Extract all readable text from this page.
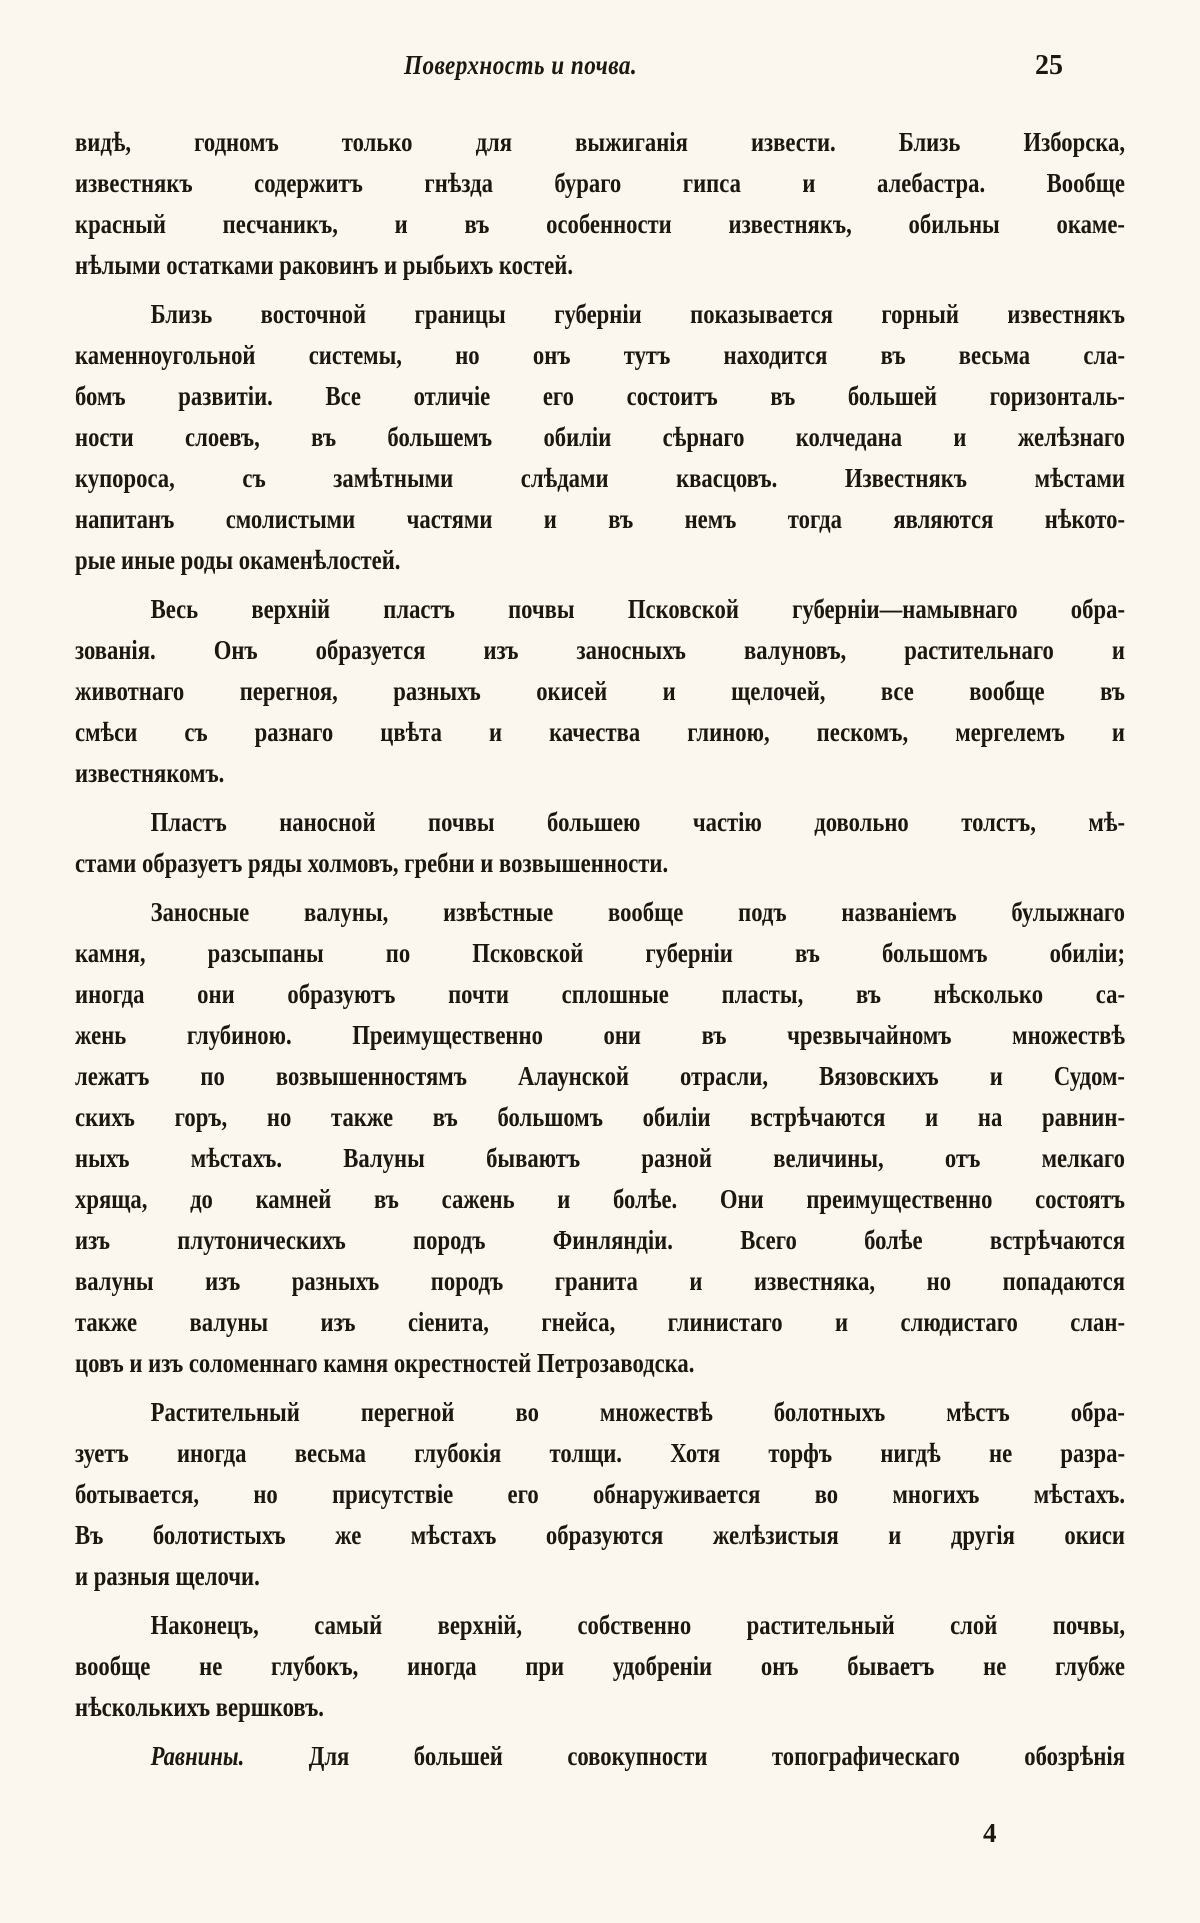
Поверхность и почва.	25
видѣ, годномъ только для выжиганія извести. Близь Изборска,
известнякъ содержитъ гнѣзда бураго гипса и алебастра. Вообще
красный песчаникъ, и въ особенности известнякъ, обильны окаме-
нѣлыми остатками раковинъ и рыбьихъ костей.
Близь восточной границы губерніи показывается горный известнякъ
каменноугольной системы, но онъ тутъ находится въ весьма сла-
бомъ развитіи. Все отличіе его состоитъ въ большей горизонталь-
ности слоевъ, въ большемъ обиліи сѣрнаго колчедана и желѣзнаго
купороса, съ замѣтными слѣдами квасцовъ. Известнякъ мѣстами
напитанъ смолистыми частями и въ немъ тогда являются нѣкото-
рые иные роды окаменѣлостей.
Весь верхній пластъ почвы Псковской губерніи—намывнаго обра-
зованія. Онъ образуется изъ заносныхъ валуновъ, растительнаго и
животнаго перегноя, разныхъ окисей и щелочей, все вообще въ
смѣси съ разнаго цвѣта и качества глиною, пескомъ, мергелемъ и
известнякомъ.
Пластъ наносной почвы большею частію довольно толстъ, мѣ-
стами образуетъ ряды холмовъ, гребни и возвышенности.
Заносные валуны, извѣстные вообще подъ названіемъ булыжнаго
камня, разсыпаны по Псковской губерніи въ большомъ обиліи;
иногда они образуютъ почти сплошные пласты, въ нѣсколько са-
жень глубиною. Преимущественно они въ чрезвычайномъ множествѣ
лежатъ по возвышенностямъ Алаунской отрасли, Вязовскихъ и Судом-
скихъ горъ, но также въ большомъ обиліи встрѣчаются и на равнин-
ныхъ мѣстахъ. Валуны бываютъ разной величины, отъ мелкаго
хряща, до камней въ сажень и болѣе. Они преимущественно состоятъ
изъ плутоническихъ породъ Финляндіи. Всего болѣе встрѣчаются
валуны изъ разныхъ породъ гранита и известняка, но попадаются
также валуны изъ сіенита, гнейса, глинистаго и слюдистаго слан-
цовъ и изъ соломеннаго камня окрестностей Петрозаводска.
Растительный перегной во множествѣ болотныхъ мѣстъ обра-
зуетъ иногда весьма глубокія толщи. Хотя торфъ нигдѣ не разра-
ботывается, но присутствіе его обнаруживается во многихъ мѣстахъ.
Въ болотистыхъ же мѣстахъ образуются желѣзистыя и другія окиси
и разныя щелочи.
Наконецъ, самый верхній, собственно растительный слой почвы,
вообще не глубокъ, иногда при удобреніи онъ бываетъ не глубже
нѣсколькихъ вершковъ.
Равнины. Для большей совокупности топографическаго обозрѣнія
4
